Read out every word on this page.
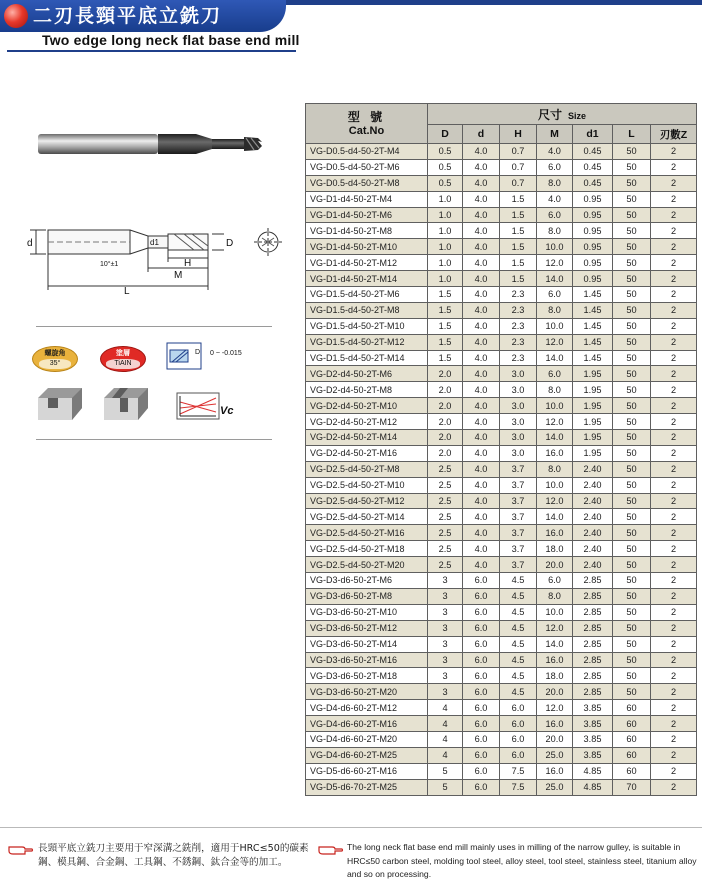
二刃長頸平底立銑刀
Two edge long neck flat base end mill
d	d1	D
10°±1	H
M
L
螺旋角
35°
塗層
TiAIN
D 0 ~ -0.015
Vc
型 號
Cat.No	尺寸 Size						
	D	d	H	M	d1	L	刃數Z
VG-D0.5-d4-50-2T-M4	0.5	4.0	0.7	4.0	0.45	50	2
VG-D0.5-d4-50-2T-M6	0.5	4.0	0.7	6.0	0.45	50	2
VG-D0.5-d4-50-2T-M8	0.5	4.0	0.7	8.0	0.45	50	2
VG-D1-d4-50-2T-M4	1.0	4.0	1.5	4.0	0.95	50	2
VG-D1-d4-50-2T-M6	1.0	4.0	1.5	6.0	0.95	50	2
VG-D1-d4-50-2T-M8	1.0	4.0	1.5	8.0	0.95	50	2
VG-D1-d4-50-2T-M10	1.0	4.0	1.5	10.0	0.95	50	2
VG-D1-d4-50-2T-M12	1.0	4.0	1.5	12.0	0.95	50	2
VG-D1-d4-50-2T-M14	1.0	4.0	1.5	14.0	0.95	50	2
VG-D1.5-d4-50-2T-M6	1.5	4.0	2.3	6.0	1.45	50	2
VG-D1.5-d4-50-2T-M8	1.5	4.0	2.3	8.0	1.45	50	2
VG-D1.5-d4-50-2T-M10	1.5	4.0	2.3	10.0	1.45	50	2
VG-D1.5-d4-50-2T-M12	1.5	4.0	2.3	12.0	1.45	50	2
VG-D1.5-d4-50-2T-M14	1.5	4.0	2.3	14.0	1.45	50	2
VG-D2-d4-50-2T-M6	2.0	4.0	3.0	6.0	1.95	50	2
VG-D2-d4-50-2T-M8	2.0	4.0	3.0	8.0	1.95	50	2
VG-D2-d4-50-2T-M10	2.0	4.0	3.0	10.0	1.95	50	2
VG-D2-d4-50-2T-M12	2.0	4.0	3.0	12.0	1.95	50	2
VG-D2-d4-50-2T-M14	2.0	4.0	3.0	14.0	1.95	50	2
VG-D2-d4-50-2T-M16	2.0	4.0	3.0	16.0	1.95	50	2
VG-D2.5-d4-50-2T-M8	2.5	4.0	3.7	8.0	2.40	50	2
VG-D2.5-d4-50-2T-M10	2.5	4.0	3.7	10.0	2.40	50	2
VG-D2.5-d4-50-2T-M12	2.5	4.0	3.7	12.0	2.40	50	2
VG-D2.5-d4-50-2T-M14	2.5	4.0	3.7	14.0	2.40	50	2
VG-D2.5-d4-50-2T-M16	2.5	4.0	3.7	16.0	2.40	50	2
VG-D2.5-d4-50-2T-M18	2.5	4.0	3.7	18.0	2.40	50	2
VG-D2.5-d4-50-2T-M20	2.5	4.0	3.7	20.0	2.40	50	2
VG-D3-d6-50-2T-M6	3	6.0	4.5	6.0	2.85	50	2
VG-D3-d6-50-2T-M8	3	6.0	4.5	8.0	2.85	50	2
VG-D3-d6-50-2T-M10	3	6.0	4.5	10.0	2.85	50	2
VG-D3-d6-50-2T-M12	3	6.0	4.5	12.0	2.85	50	2
VG-D3-d6-50-2T-M14	3	6.0	4.5	14.0	2.85	50	2
VG-D3-d6-50-2T-M16	3	6.0	4.5	16.0	2.85	50	2
VG-D3-d6-50-2T-M18	3	6.0	4.5	18.0	2.85	50	2
VG-D3-d6-50-2T-M20	3	6.0	4.5	20.0	2.85	50	2
VG-D4-d6-60-2T-M12	4	6.0	6.0	12.0	3.85	60	2
VG-D4-d6-60-2T-M16	4	6.0	6.0	16.0	3.85	60	2
VG-D4-d6-60-2T-M20	4	6.0	6.0	20.0	3.85	60	2
VG-D4-d6-60-2T-M25	4	6.0	6.0	25.0	3.85	60	2
VG-D5-d6-60-2T-M16	5	6.0	7.5	16.0	4.85	60	2
VG-D5-d6-70-2T-M25	5	6.0	7.5	25.0	4.85	70	2

長頸平底立銑刀主要用于窄深溝之銑削，適用于HRC≤50的碳素鋼、模具鋼、合金鋼、工具鋼、不銹鋼、鈦合金等的加工。

The long neck flat base end mill mainly uses in milling of the narrow gulley, is suitable in HRC≤50 carbon steel, molding tool steel, alloy steel, tool steel, stainless steel, titanium alloy and so on processing.
